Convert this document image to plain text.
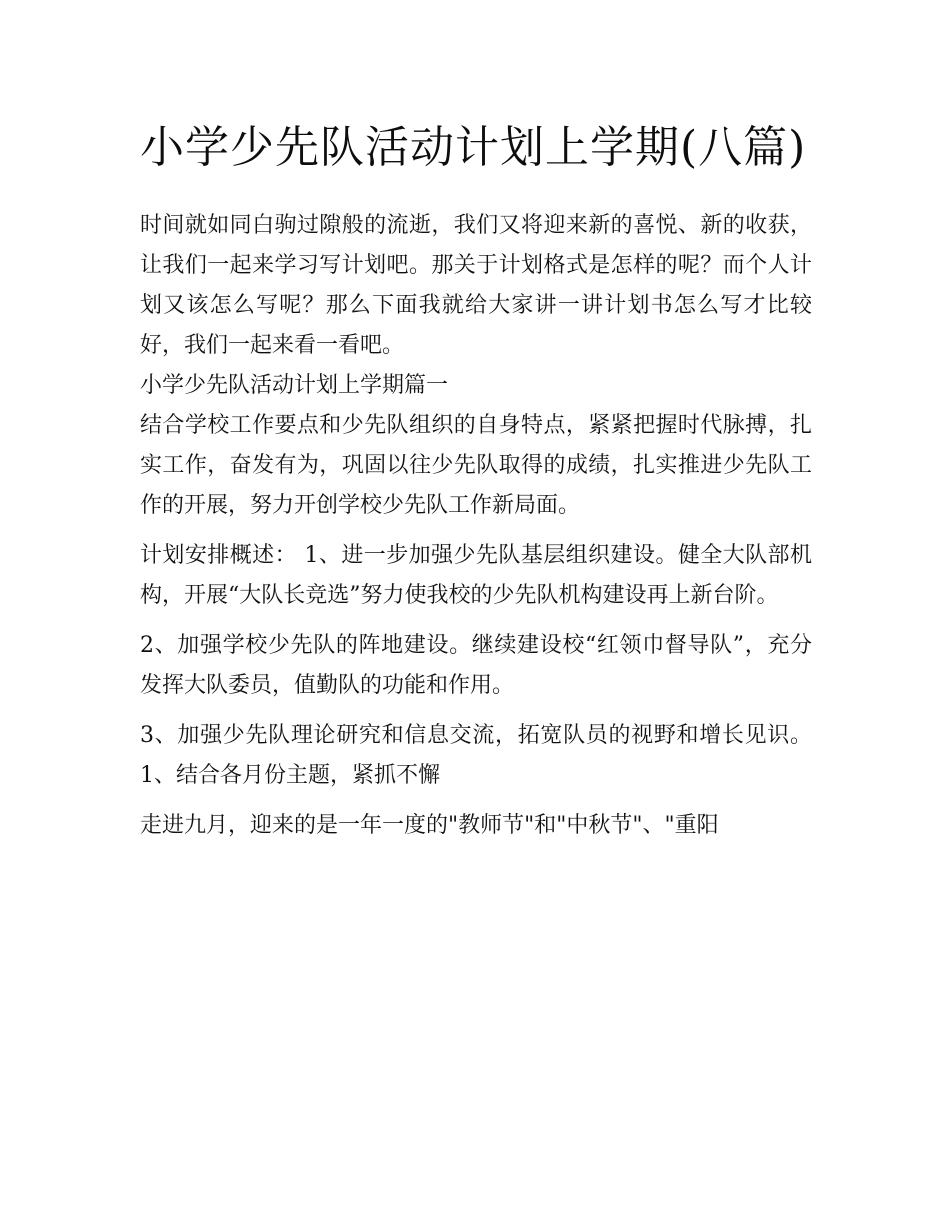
小学少先队活动计划上学期(八篇)

时间就如同白驹过隙般的流逝，我们又将迎来新的喜悦、新的收获，让我们一起来学习写计划吧。那关于计划格式是怎样的呢？而个人计划又该怎么写呢？那么下面我就给大家讲一讲计划书怎么写才比较好，我们一起来看一看吧。

小学少先队活动计划上学期篇一

结合学校工作要点和少先队组织的自身特点，紧紧把握时代脉搏，扎实工作，奋发有为，巩固以往少先队取得的成绩，扎实推进少先队工作的开展，努力开创学校少先队工作新局面。

计划安排概述： 1、进一步加强少先队基层组织建设。健全大队部机构，开展“大队长竞选”努力使我校的少先队机构建设再上新台阶。

2、加强学校少先队的阵地建设。继续建设校“红领巾督导队”，充分发挥大队委员，值勤队的功能和作用。

3、加强少先队理论研究和信息交流，拓宽队员的视野和增长见识。 1、结合各月份主题，紧抓不懈

走进九月，迎来的是一年一度的"教师节"和"中秋节"、"重阳
